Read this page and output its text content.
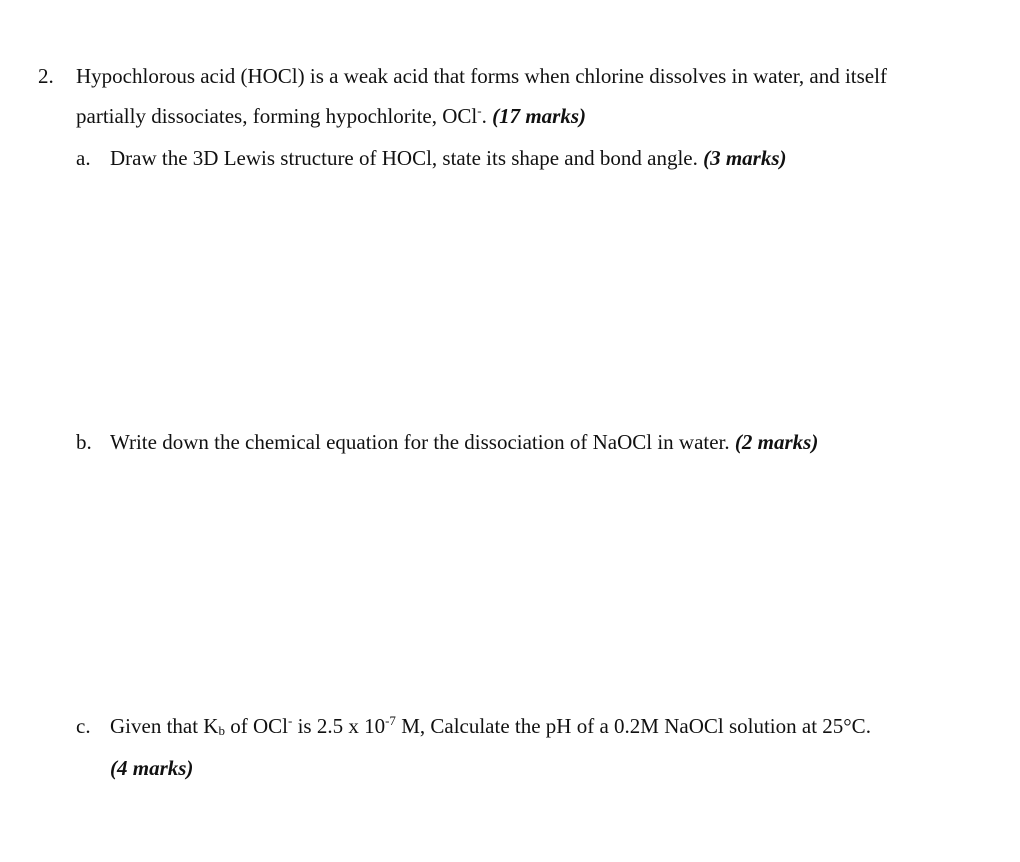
2. Hypochlorous acid (HOCl) is a weak acid that forms when chlorine dissolves in water, and itself
partially dissociates, forming hypochlorite, OCl-. (17 marks)
a. Draw the 3D Lewis structure of HOCl, state its shape and bond angle. (3 marks)
b. Write down the chemical equation for the dissociation of NaOCl in water. (2 marks)
c. Given that $K_b$ of OCl- is 2.5 x $10^{-7}$ M, Calculate the pH of a 0.2M NaOCl solution at 25°C.
(4 marks)
